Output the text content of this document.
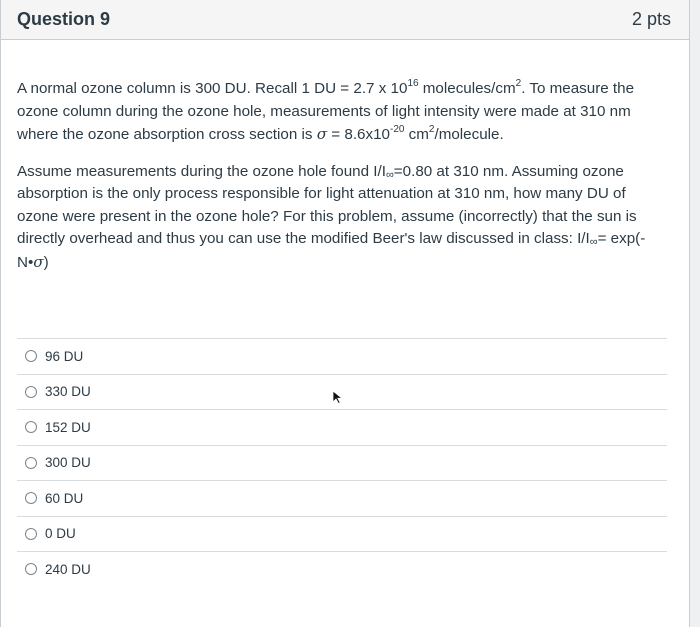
Question 9	2 pts

A normal ozone column is 300 DU. Recall 1 DU = 2.7 x $10^{16}$ molecules/$cm^2$. To measure the ozone column during the ozone hole, measurements of light intensity were made at 310 nm where the ozone absorption cross section is $\sigma = 8.6x10^{-20}$ $cm^2$/molecule.

Assume measurements during the ozone hole found $I/I_\infty=0.80$ at 310 nm. Assuming ozone absorption is the only process responsible for light attenuation at 310 nm, how many DU of ozone were present in the ozone hole? For this problem, assume (incorrectly) that the sun is directly overhead and thus you can use the modified Beer's law discussed in class: $I/I_\infty=$ exp(-N•σ)

96 DU
330 DU
152 DU
300 DU
60 DU
0 DU
240 DU
